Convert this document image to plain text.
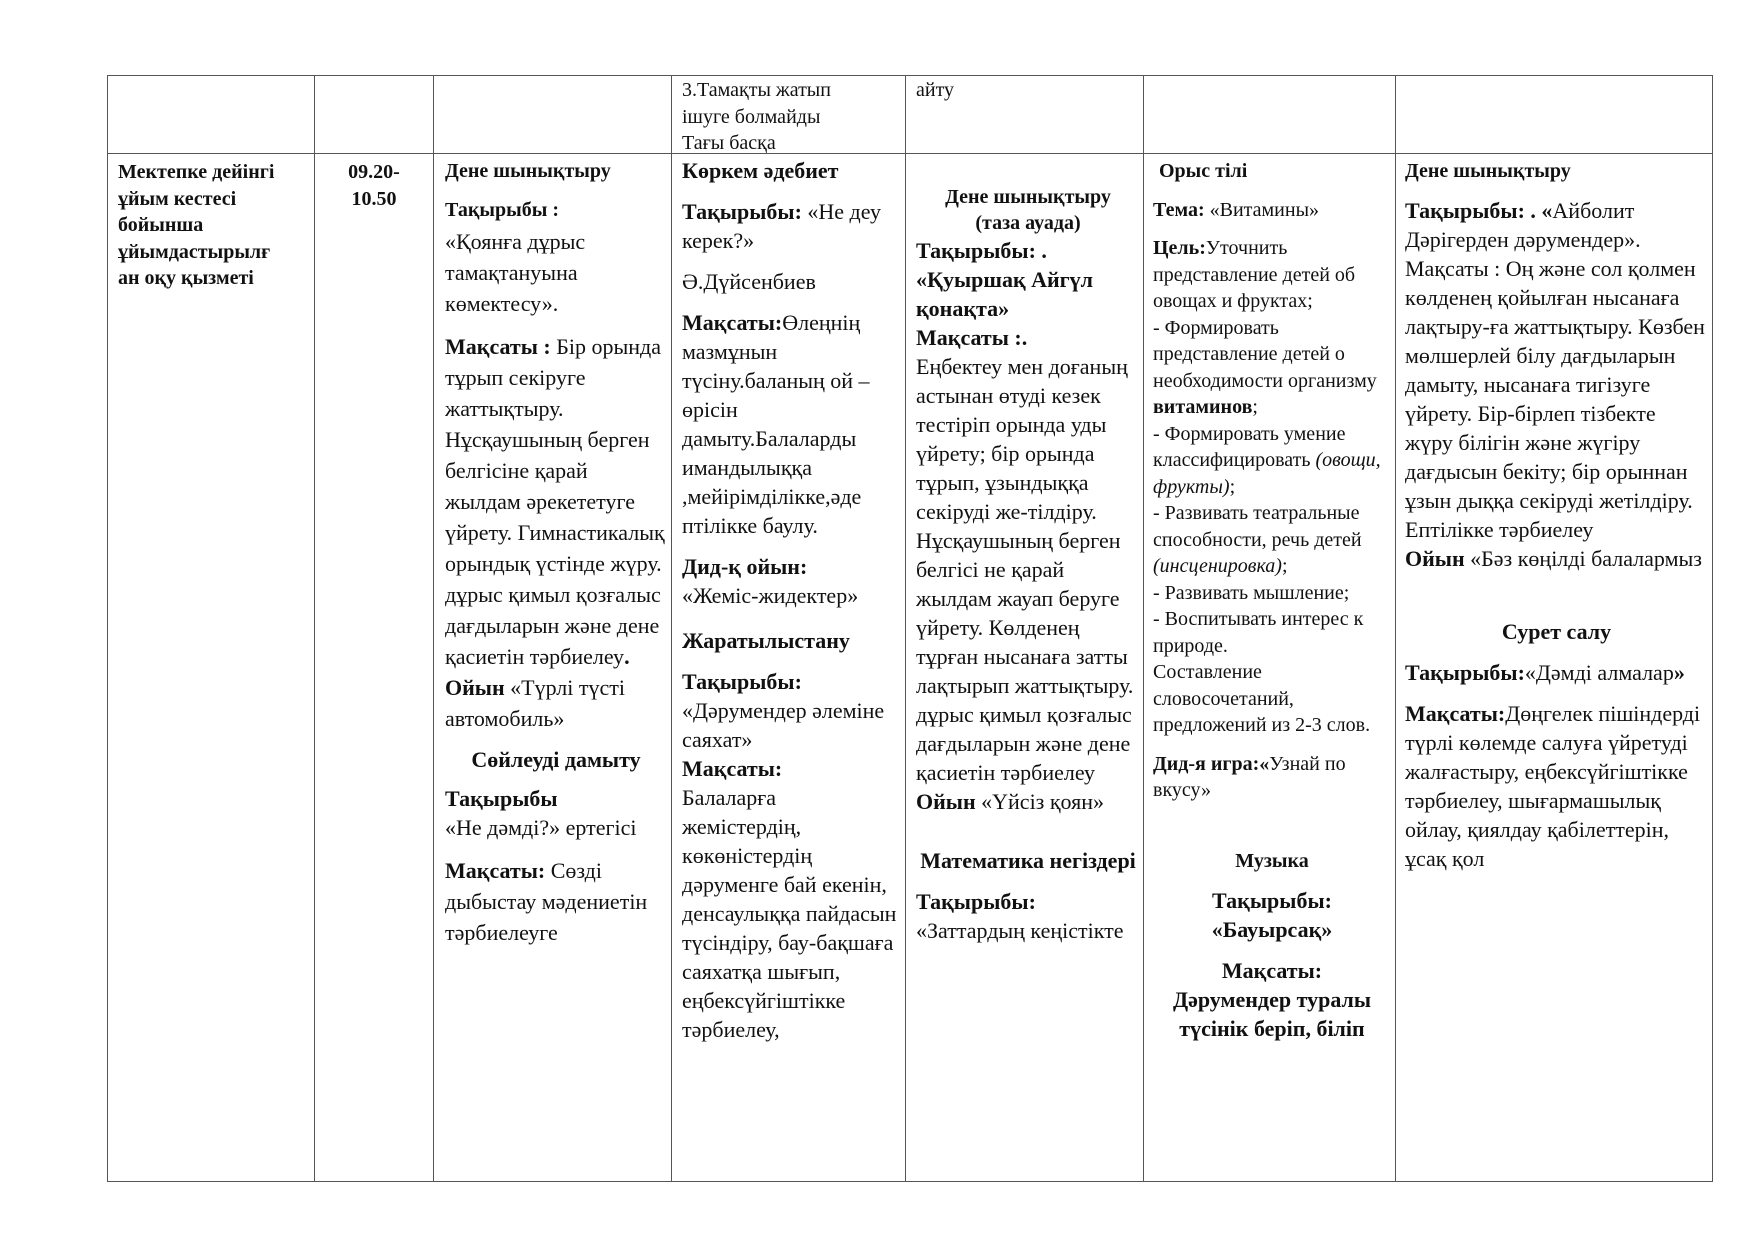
3.Тамақты жатып

ішуге болмайды

Тағы басқа

айту

Мектепке дейінгі

ұйым кестесі

бойынша

ұйымдастырылғ

ан оқу қызметі

09.20-

10.50

Дене шынықтыру

Тақырыбы :

«Қоянға дұрыс тамақтануына көмектесу».

Мақсаты : Бір орында тұрып секіруге жаттықтыру. Нұсқаушының берген белгісіне қарай жылдам әрекететуге үйрету. Гимнастикалық орындық үстінде жүру. дұрыс қимыл қозғалыс дағдыларын және дене қасиетін тәрбиелеу. Ойын «Түрлі түсті автомобиль»

Сөйлеуді дамыту

Тақырыбы

«Не дәмді?» ертегісі

Мақсаты: Сөзді дыбыстау мәдениетін тәрбиелеуге

Көркем әдебиет

Тақырыбы: «Не деу керек?»

Ә.Дүйсенбиев

Мақсаты:Өлеңнің мазмұнын түсіну.баланың ой –өрісін дамыту.Балаларды имандылыққа ,мейірімділікке,әде птілікке баулу.

Дид-қ ойын:

«Жеміс-жидектер»

Жаратылыстану

Тақырыбы:

«Дәрумендер әлеміне саяхат»

Мақсаты:

Балаларға жемістердің, көкөністердің дәруменге бай екенін, денсаулыққа пайдасын түсіндіру, бау-бақшаға саяхатқа шығып, еңбексүйгіштікке тәрбиелеу,

Дене шынықтыру

(таза ауада)

Тақырыбы: .

«Қуыршақ Айгүл қонақта»

Мақсаты :.

Еңбектеу мен доғаның астынан өтуді кезек тестіріп орында уды үйрету; бір орында тұрып, ұзындыққа секіруді же-тілдіру. Нұсқаушының берген белгісі не қарай жылдам жауап беруге үйрету. Көлденең тұрған нысанаға затты лақтырып жаттықтыру. дұрыс қимыл қозғалыс дағдыларын және дене қасиетін тәрбиелеу

Ойын «Үйсіз қоян»

Математика негіздері

Тақырыбы:

«Заттардың кеңістікте

Орыс тілі

Тема: «Витамины»

Цель:Уточнить представление детей об овощах и фруктах;

- Формировать представление детей о необходимости организму витаминов;

- Формировать умение классифицировать (овощи, фрукты);

- Развивать театральные способности, речь детей (инсценировка);

- Развивать мышление;

- Воспитывать интерес к природе.

Составление словосочетаний, предложений из 2-3 слов.

Дид-я игра:«Узнай по вкусу»

Музыка

Тақырыбы:

«Бауырсақ»

Мақсаты:

Дәрумендер туралы түсінік беріп, біліп

Дене шынықтыру

Тақырыбы: . «Айболит Дәрігерден дәрумендер».

Мақсаты : Оң және сол қолмен көлденең қойылған нысанаға лақтыру-ға жаттықтыру. Көзбен мөлшерлей білу дағдыларын дамыту, нысанаға тигізуге үйрету. Бір-бірлеп тізбекте жүру білігін және жүгіру дағдысын бекіту; бір орыннан ұзын дыққа секіруді жетілдіру. Ептілікке тәрбиелеу

Ойын «Бәз көңілді балалармыз

Сурет салу

Тақырыбы:«Дәмді алмалар»

Мақсаты:Дөңгелек пішіндерді түрлі көлемде салуға үйретуді жалғастыру, еңбексүйгіштікке тәрбиелеу, шығармашылық ойлау, қиялдау қабілеттерін, ұсақ қол
